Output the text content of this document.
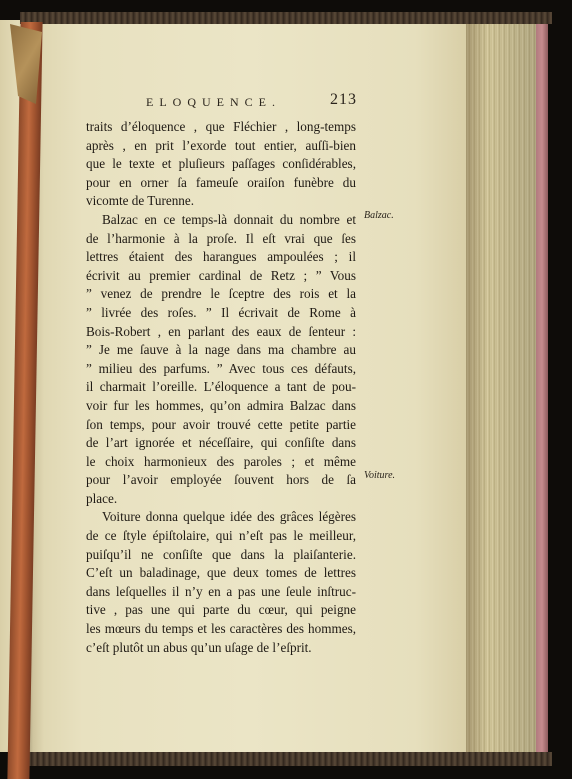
ELOQUENCE.	213
traits d’éloquence , que Fléchier , long-temps
après , en prit l’exorde tout entier, auſſi-bien
que le texte et pluſieurs paſſages conſidérables,
pour en orner ſa fameuſe oraiſon funèbre du
vicomte de Turenne.
Balzac en ce temps-là donnait du nombre et
de l’harmonie à la proſe. Il eſt vrai que ſes
lettres étaient des harangues ampoulées ; il
écrivit au premier cardinal de Retz ; ” Vous
” venez de prendre le ſceptre des rois et la
” livrée des roſes. ” Il écrivait de Rome à
Bois-Robert , en parlant des eaux de ſenteur :
” Je me ſauve à la nage dans ma chambre au
” milieu des parfums. ” Avec tous ces défauts,
il charmait l’oreille. L’éloquence a tant de pou-
voir fur les hommes, qu’on admira Balzac dans
ſon temps, pour avoir trouvé cette petite partie
de l’art ignorée et néceſſaire, qui conſiſte dans
le choix harmonieux des paroles ; et même
pour l’avoir employée ſouvent hors de ſa
place.
Voiture donna quelque idée des grâces légères
de ce ſtyle épiſtolaire, qui n’eſt pas le meilleur,
puiſqu’il ne conſiſte que dans la plaiſanterie.
C’eſt un baladinage, que deux tomes de lettres
dans leſquelles il n’y en a pas une ſeule inſtruc-
tive , pas une qui parte du cœur, qui peigne
les mœurs du temps et les caractères des hommes,
c’eſt plutôt un abus qu’un uſage de l’eſprit.
Balzac.
Voiture.
